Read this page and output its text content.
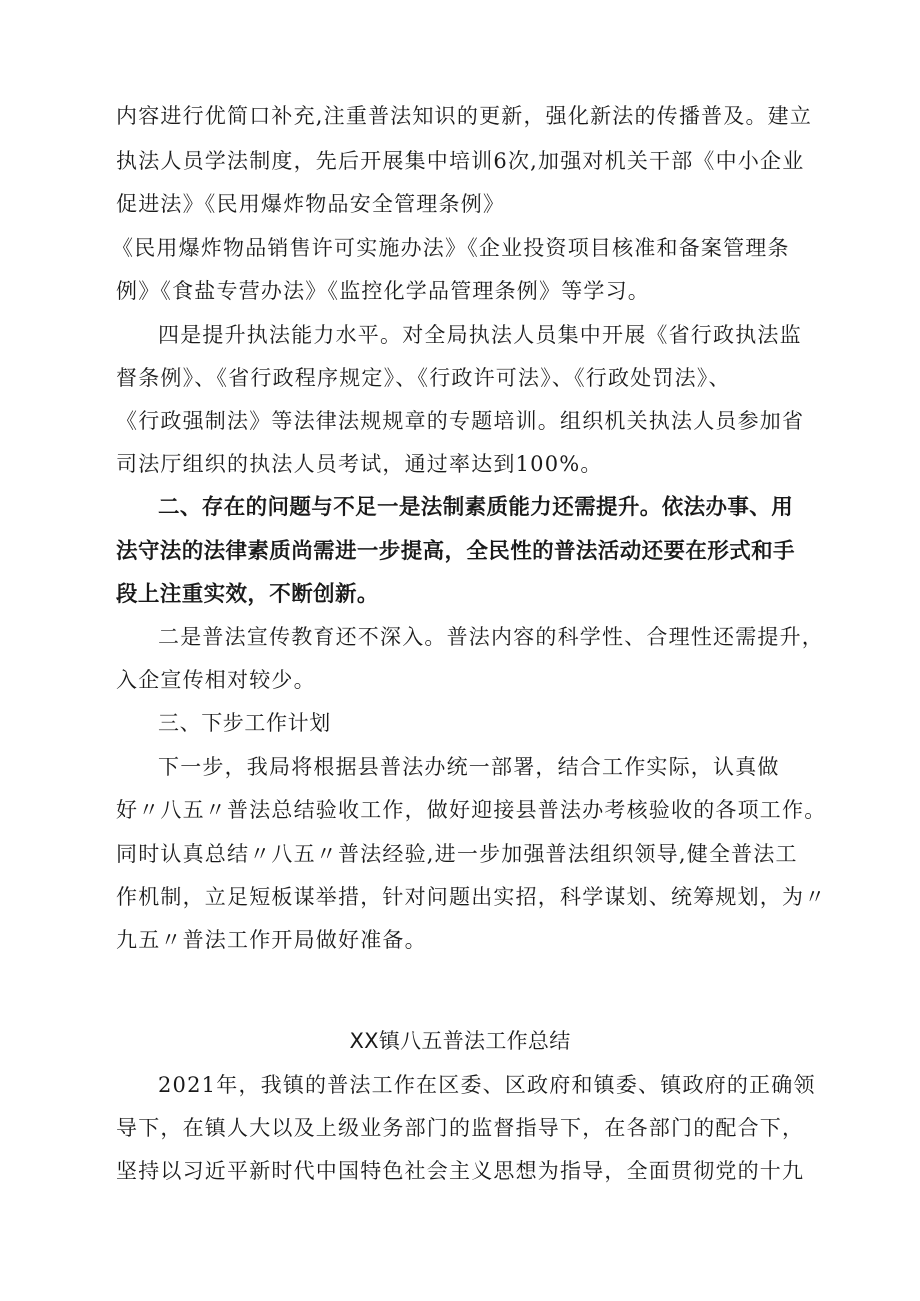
内容进行优简口补充,注重普法知识的更新，强化新法的传播普及。建立
执法人员学法制度，先后开展集中培训6次,加强对机关干部《中小企业
促进法》《民用爆炸物品安全管理条例》
《民用爆炸物品销售许可实施办法》《企业投资项目核准和备案管理条
例》《食盐专营办法》《监控化学品管理条例》等学习。
四是提升执法能力水平。对全局执法人员集中开展《省行政执法监
督条例》、《省行政程序规定》、《行政许可法》、《行政处罚法》、
《行政强制法》等法律法规规章的专题培训。组织机关执法人员参加省
司法厅组织的执法人员考试，通过率达到100%。
二、存在的问题与不足一是法制素质能力还需提升。依法办事、用
法守法的法律素质尚需进一步提高，全民性的普法活动还要在形式和手
段上注重实效，不断创新。
二是普法宣传教育还不深入。普法内容的科学性、合理性还需提升，
入企宣传相对较少。
三、下步工作计划
下一步，我局将根据县普法办统一部署，结合工作实际，认真做
好〃八五〃普法总结验收工作，做好迎接县普法办考核验收的各项工作。
同时认真总结〃八五〃普法经验,进一步加强普法组织领导,健全普法工
作机制，立足短板谋举措，针对问题出实招，科学谋划、统筹规划，为〃
九五〃普法工作开局做好准备。
XX镇八五普法工作总结
2021年，我镇的普法工作在区委、区政府和镇委、镇政府的正确领
导下，在镇人大以及上级业务部门的监督指导下，在各部门的配合下，
坚持以习近平新时代中国特色社会主义思想为指导，全面贯彻党的十九
